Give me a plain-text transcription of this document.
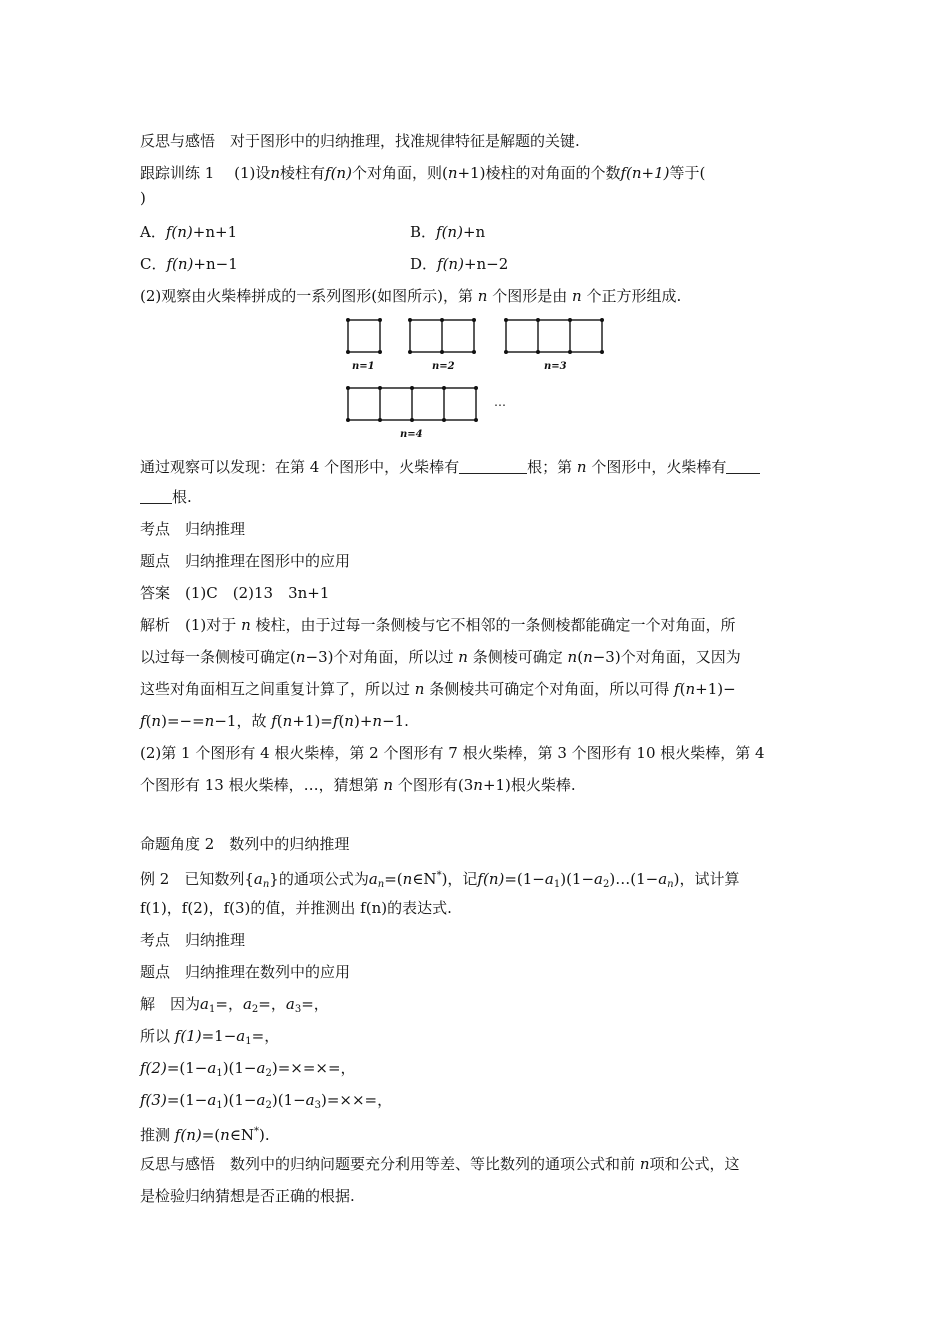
反思与感悟　 对于图形中的归纳推理，找准规律特征是解题的关键.
跟踪训练 1　 (1)设n棱柱有f(n)个对角面，则(n+1)棱柱的对角面的个数f(n+1)等于(
)
A．f(n)+n+1	B．f(n)+n
C．f(n)+n−1	D．f(n)+n−2
(2)观察由火柴棒拼成的一系列图形(如图所示)，第 n 个图形是由 n 个正方形组成.
n=1	n=2	n=3
n=4
…
通过观察可以发现：在第 4 个图形中，火柴棒有	根；第 n 个图形中，火柴棒有
根.
考点　 归纳推理
题点　 归纳推理在图形中的应用
答案　 (1)C　(2)13　3n+1
解析　 (1)对于 n 棱柱，由于过每一条侧棱与它不相邻的一条侧棱都能确定一个对角面，所
以过每一条侧棱可确定(n−3)个对角面，所以过 n 条侧棱可确定 n(n−3)个对角面，又因为
这些对角面相互之间重复计算了，所以过 n 条侧棱共可确定个对角面，所以可得 f(n+1)−
f(n)=−=n−1，故 f(n+1)=f(n)+n−1.
(2)第 1 个图形有 4 根火柴棒，第 2 个图形有 7 根火柴棒，第 3 个图形有 10 根火柴棒，第 4
个图形有 13 根火柴棒，…，猜想第 n 个图形有(3n+1)根火柴棒.
命题角度 2　数列中的归纳推理
例 2　 已知数列$\{a_n\}$的通项公式为$a_n=(n\in N^*)$，记$f(n)=(1-a_1)(1-a_2)\dots(1-a_n)$，试计算
f(1)，f(2)，f(3)的值，并推测出 f(n)的表达式.
考点　 归纳推理
题点　 归纳推理在数列中的应用
解　 因为$a_1=$，$a_2=$，$a_3=$，
所以 $f(1)=1-a_1=$，
$f(2)=(1-a_1)(1-a_2)=\times=\times=$，
$f(3)=(1-a_1)(1-a_2)(1-a_3)=\times\times=$，
推测 f(n)=(n∈N*).
反思与感悟　 数列中的归纳问题要充分利用等差、等比数列的通项公式和前 n项和公式，这
是检验归纳猜想是否正确的根据.
